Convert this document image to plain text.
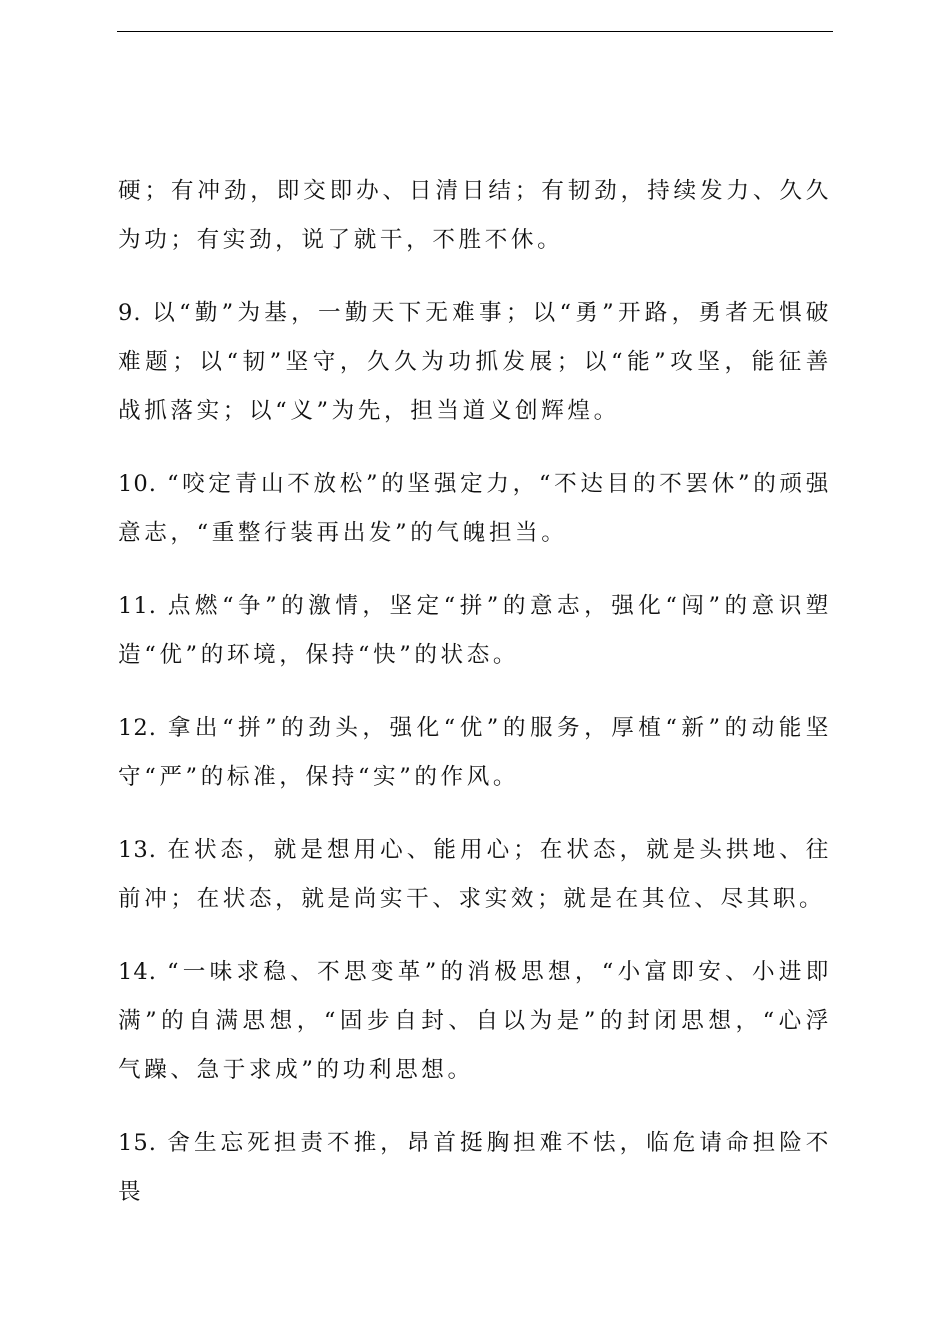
硬；有冲劲，即交即办、日清日结；有韧劲，持续发力、久久为功；有实劲，说了就干，不胜不休。

9. 以“勤”为基，一勤天下无难事；以“勇”开路，勇者无惧破难题；以“韧”坚守，久久为功抓发展；以“能”攻坚，能征善战抓落实；以“义”为先，担当道义创辉煌。

10. “咬定青山不放松”的坚强定力，“不达目的不罢休”的顽强意志，“重整行装再出发”的气魄担当。

11. 点燃“争”的激情，坚定“拼”的意志，强化“闯”的意识塑造“优”的环境，保持“快”的状态。

12. 拿出“拼”的劲头，强化“优”的服务，厚植“新”的动能坚守“严”的标准，保持“实”的作风。

13. 在状态，就是想用心、能用心；在状态，就是头拱地、往前冲；在状态，就是尚实干、求实效；就是在其位、尽其职。

14. “一味求稳、不思变革”的消极思想，“小富即安、小进即满”的自满思想，“固步自封、自以为是”的封闭思想，“心浮气躁、急于求成”的功利思想。

15. 舍生忘死担责不推，昂首挺胸担难不怯，临危请命担险不畏
